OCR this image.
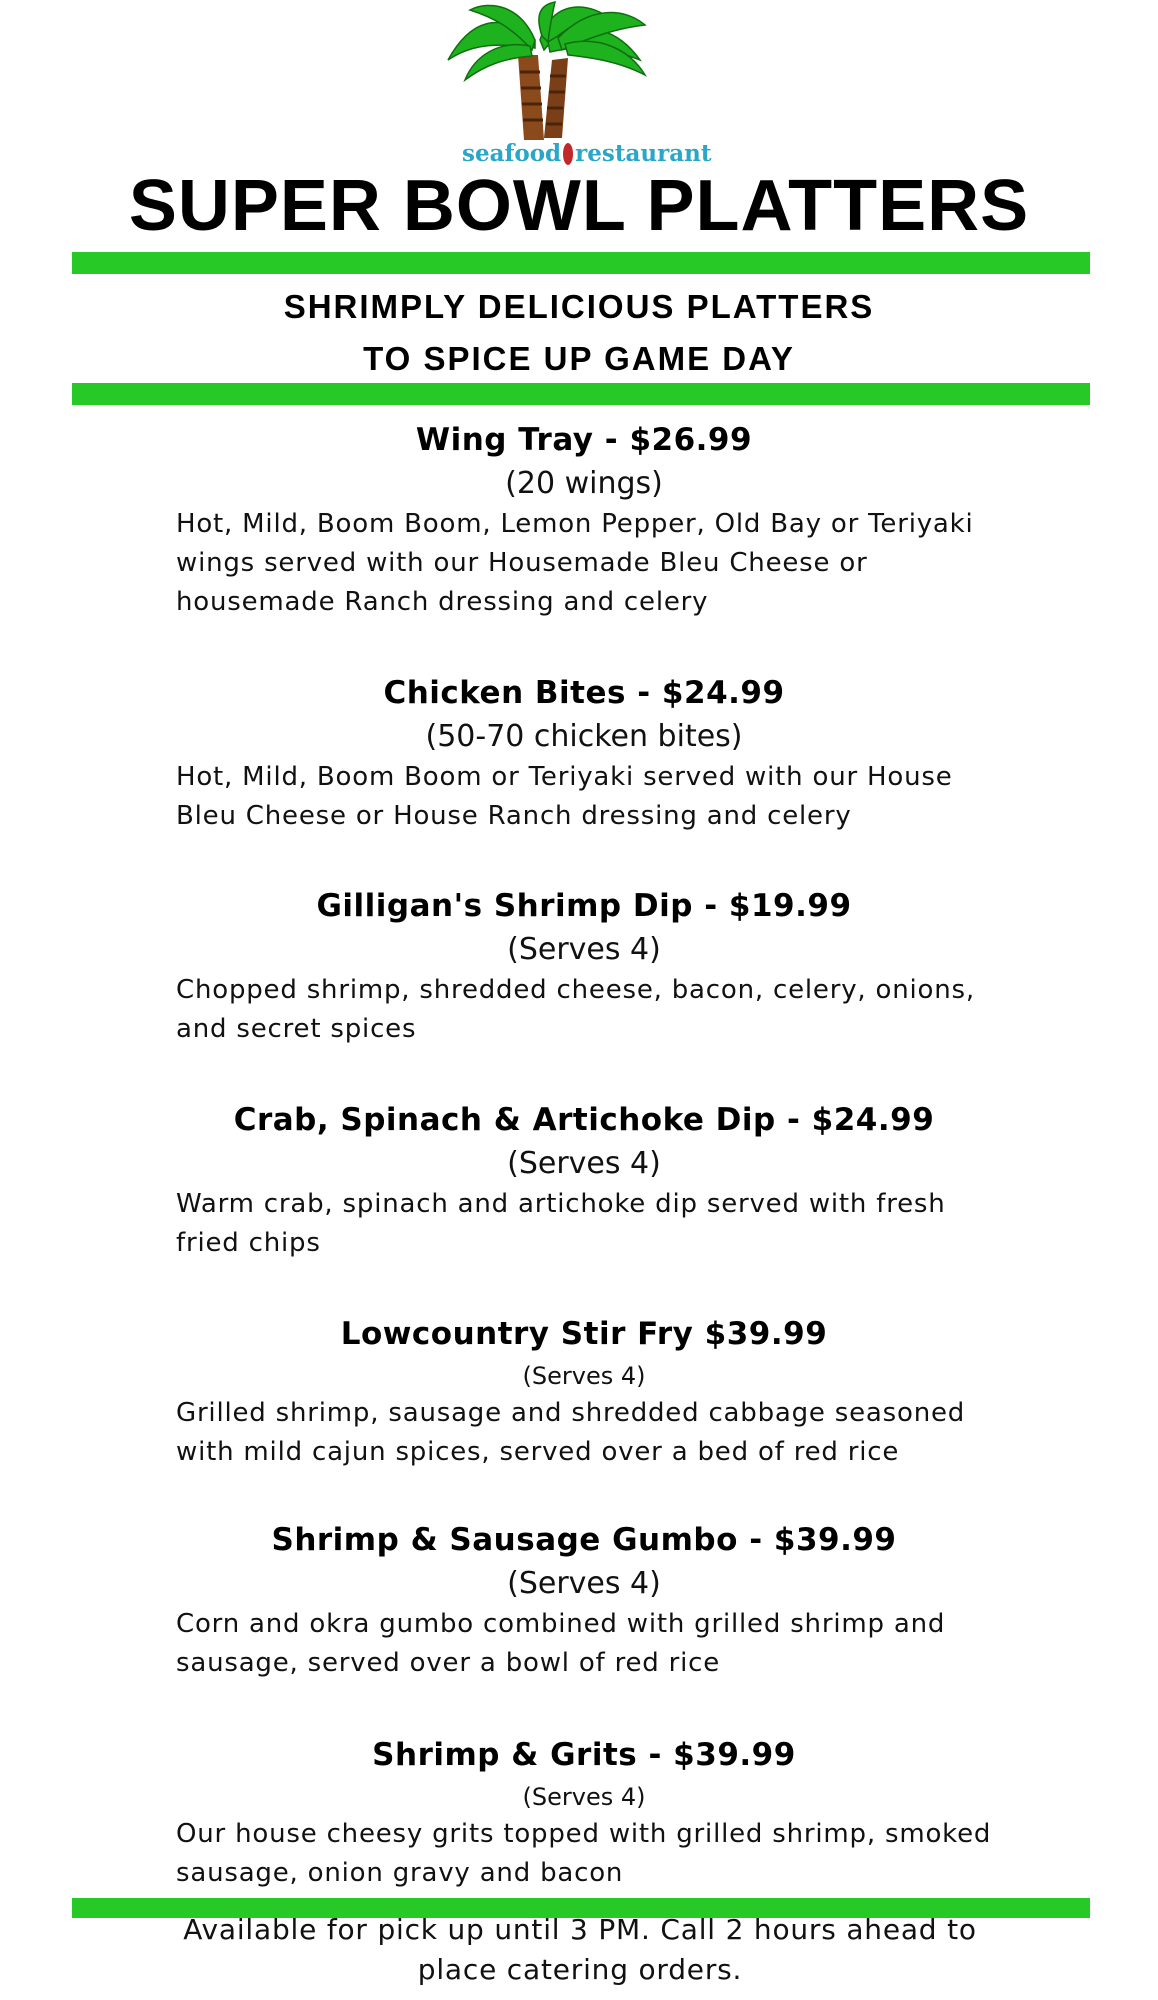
seafood restaurant
SUPER BOWL PLATTERS
SHRIMPLY DELICIOUS PLATTERS
TO SPICE UP GAME DAY
Wing Tray - $26.99
(20 wings)
Hot, Mild, Boom Boom, Lemon Pepper, Old Bay or Teriyaki
wings served with our Housemade Bleu Cheese or
housemade Ranch dressing and celery
Chicken Bites - $24.99
(50-70 chicken bites)
Hot, Mild, Boom Boom or Teriyaki served with our House
Bleu Cheese or House Ranch dressing and celery
Gilligan's Shrimp Dip - $19.99
(Serves 4)
Chopped shrimp, shredded cheese, bacon, celery, onions,
and secret spices
Crab, Spinach & Artichoke Dip - $24.99
(Serves 4)
Warm crab, spinach and artichoke dip served with fresh
fried chips
Lowcountry Stir Fry $39.99
(Serves 4)
Grilled shrimp, sausage and shredded cabbage seasoned
with mild cajun spices, served over a bed of red rice
Shrimp & Sausage Gumbo - $39.99
(Serves 4)
Corn and okra gumbo combined with grilled shrimp and
sausage, served over a bowl of red rice
Shrimp & Grits - $39.99
(Serves 4)
Our house cheesy grits topped with grilled shrimp, smoked
sausage, onion gravy and bacon
Available for pick up until 3 PM. Call 2 hours ahead to
place catering orders.
